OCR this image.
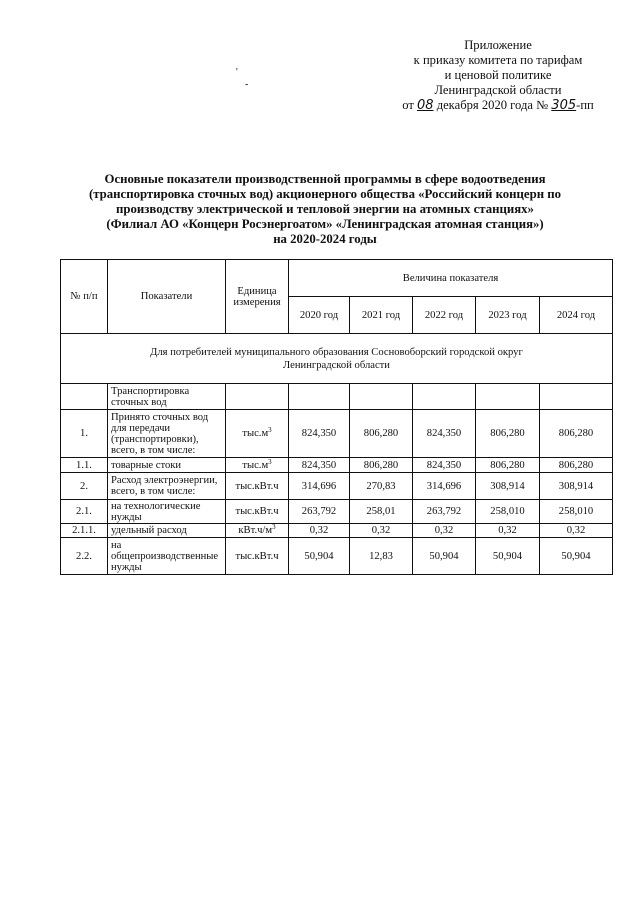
Приложение
к приказу комитета по тарифам
и ценовой политике
Ленинградской области
от 08 декабря 2020 года № 305-пп
'
-
Основные показатели производственной программы в сфере водоотведения
(транспортировка сточных вод) акционерного общества «Российский концерн по
производству электрической и тепловой энергии на атомных станциях»
(Филиал АО «Концерн Росэнергоатом» «Ленинградская атомная станция»)
на 2020-2024 годы
№ п/п	Показатели	Единица измерения	Величина показателя				
			2020 год	2021 год	2022 год	2023 год	2024 год

Для потребителей муниципального образования Сосновоборский городской округ
Ленинградской области							

	Транспортировка сточных вод						
1.	Принято сточных вод для передачи (транспортировки), всего, в том числе:	$тыс.м^3$	824,350	806,280	824,350	806,280	806,280
1.1.	товарные стоки	$тыс.м^3$	824,350	806,280	824,350	806,280	806,280
2.	Расход электроэнергии, всего, в том числе:	тыс.кВт.ч	314,696	270,83	314,696	308,914	308,914
2.1.	на технологические нужды	тыс.кВт.ч	263,792	258,01	263,792	258,010	258,010
2.1.1.	удельный расход	$кВт.ч/м^3$	0,32	0,32	0,32	0,32	0,32
2.2.	на общепроизводственные нужды	тыс.кВт.ч	50,904	12,83	50,904	50,904	50,904
